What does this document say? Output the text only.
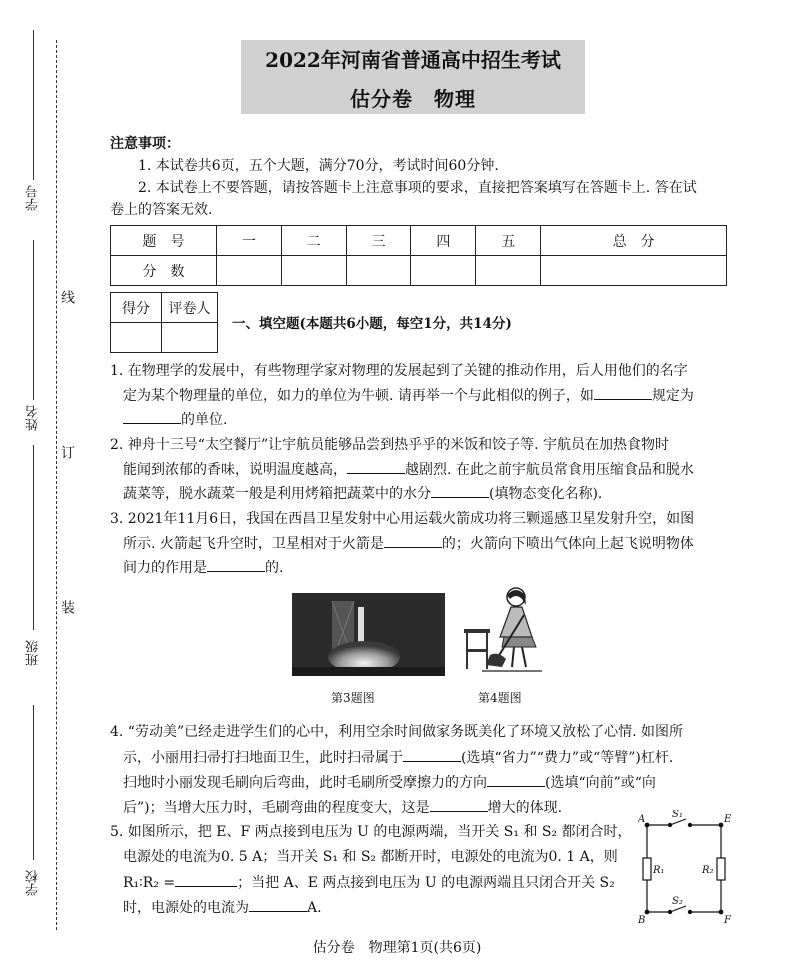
学号
姓名
班级
学校
线
订
装
2022年河南省普通高中招生考试
估分卷　物理
注意事项：
1. 本试卷共6页，五个大题，满分70分，考试时间60分钟.
2. 本试卷上不要答题，请按答题卡上注意事项的要求，直接把答案填写在答题卡上. 答在试
卷上的答案无效.
题　号	一	二	三	四	五	总　分
分　数						
得分	评卷人

一、填空题(本题共6小题，每空1分，共14分)
1. 在物理学的发展中，有些物理学家对物理的发展起到了关键的推动作用，后人用他们的名字
定为某个物理量的单位，如力的单位为牛顿. 请再举一个与此相似的例子，如	规定为
的单位.
2. 神舟十三号“太空餐厅”让宇航员能够品尝到热乎乎的米饭和饺子等. 宇航员在加热食物时
能闻到浓郁的香味，说明温度越高，	越剧烈. 在此之前宇航员常食用压缩食品和脱水
蔬菜等，脱水蔬菜一般是利用烤箱把蔬菜中的水分	(填物态变化名称).
3. 2021年11月6日，我国在西昌卫星发射中心用运载火箭成功将三颗遥感卫星发射升空，如图
所示. 火箭起飞升空时，卫星相对于火箭是	的；火箭向下喷出气体向上起飞说明物体
间力的作用是	的.
第3题图	第4题图
4. “劳动美”已经走进学生们的心中，利用空余时间做家务既美化了环境又放松了心情. 如图所
示，小丽用扫帚打扫地面卫生，此时扫帚属于	(选填“省力”“费力”或“等臂”)杠杆.
扫地时小丽发现毛刷向后弯曲，此时毛刷所受摩擦力的方向	(选填“向前”或“向
后”)；当增大压力时，毛刷弯曲的程度变大，这是	增大的体现.
5. 如图所示，把 E、F 两点接到电压为 U 的电源两端，当开关 S₁ 和 S₂ 都闭合时，
电源处的电流为0. 5 A；当开关 S₁ 和 S₂ 都断开时，电源处的电流为0. 1 A，则
R₁∶R₂ =	；当把 A、E 两点接到电压为 U 的电源两端且只闭合开关 S₂
时，电源处的电流为	A.
A
B
E
F
S₁
S₂
R₁	R₂
估分卷　物理第1页(共6页)
